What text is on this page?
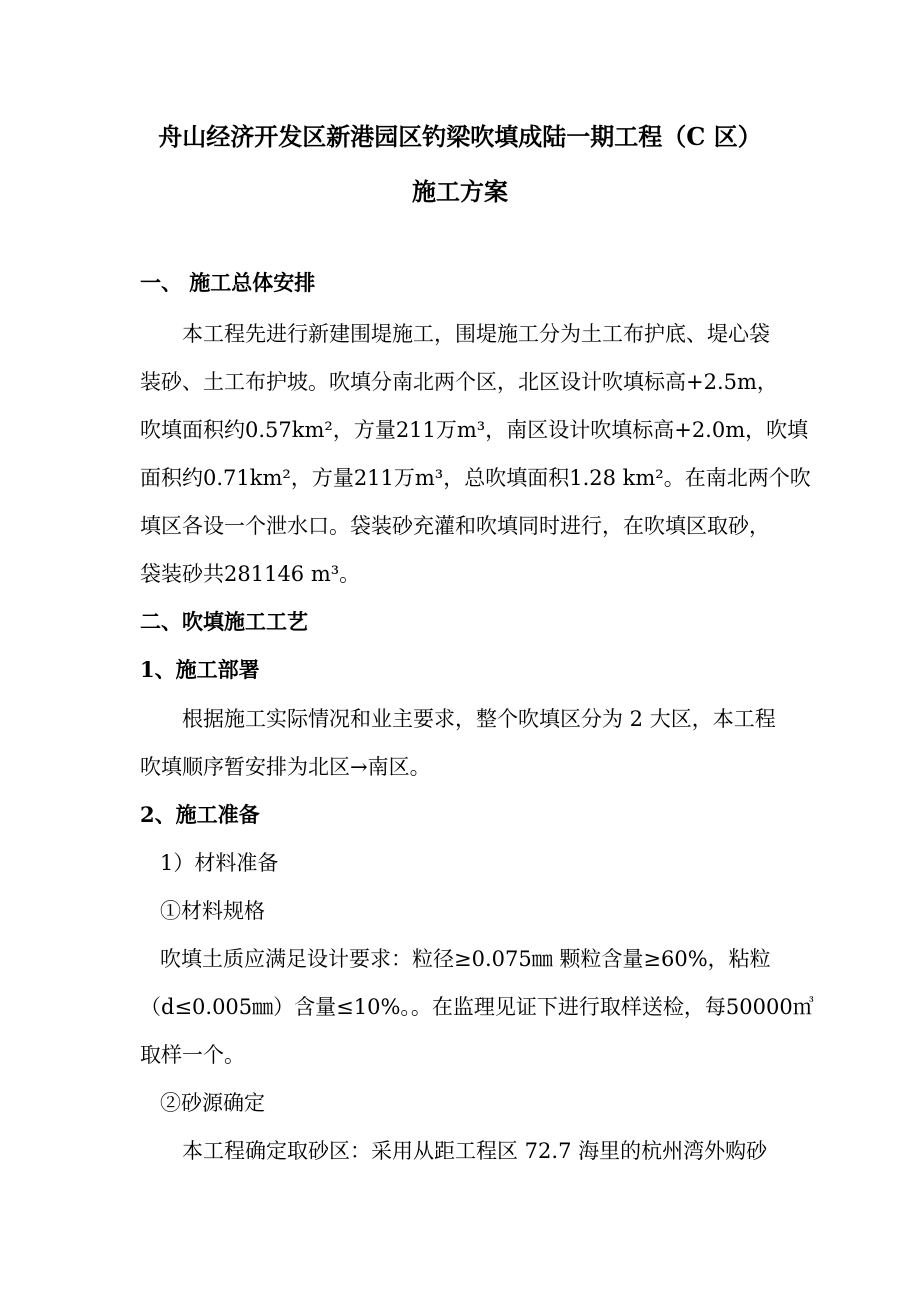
舟山经济开发区新港园区钓梁吹填成陆一期工程（C 区）
施工方案
一、 施工总体安排
本工程先进行新建围堤施工，围堤施工分为土工布护底、堤心袋
装砂、土工布护坡。吹填分南北两个区，北区设计吹填标高+2.5m，
吹填面积约0.57km²，方量211万m³，南区设计吹填标高+2.0m，吹填
面积约0.71km²，方量211万m³，总吹填面积1.28 km²。在南北两个吹
填区各设一个泄水口。袋装砂充灌和吹填同时进行，在吹填区取砂，
袋装砂共281146 m³。
二、吹填施工工艺
1、施工部署
根据施工实际情况和业主要求，整个吹填区分为 2 大区，本工程
吹填顺序暂安排为北区→南区。
2、施工准备
1）材料准备
①材料规格
吹填土质应满足设计要求：粒径≥0.075㎜ 颗粒含量≥60%，粘粒
（d≤0.005㎜）含量≤10%。。在监理见证下进行取样送检，每50000㎥
取样一个。
②砂源确定
本工程确定取砂区：采用从距工程区 72.7 海里的杭州湾外购砂
